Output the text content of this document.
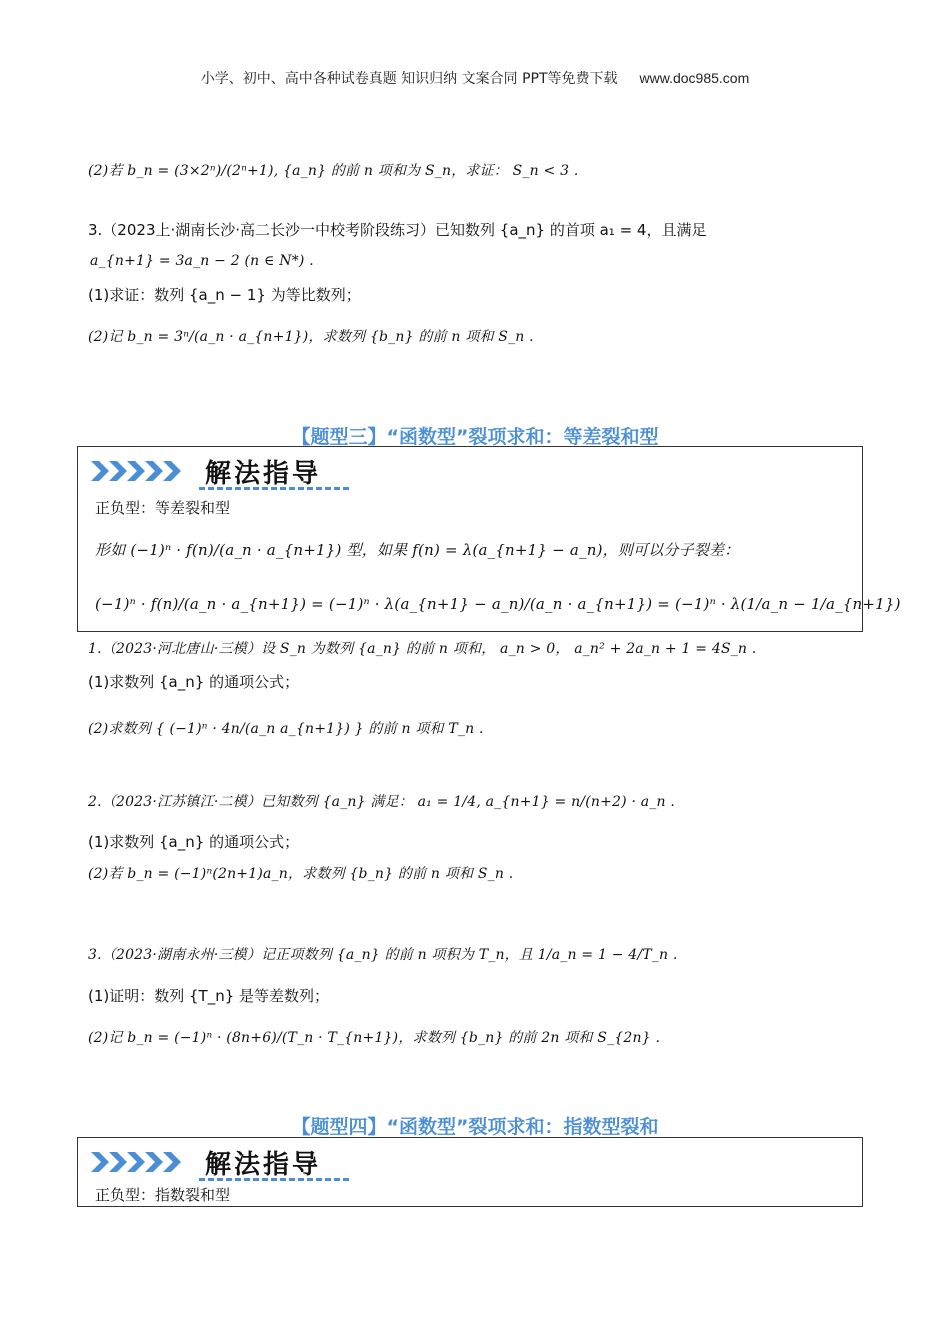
小学、初中、高中各种试卷真题 知识归纳 文案合同 PPT等免费下载 www.doc985.com
(2)若 b_n = (3×2ⁿ)/(2ⁿ+1), {a_n} 的前 n 项和为 S_n，求证： S_n < 3 .
3.（2023上·湖南长沙·高二长沙一中校考阶段练习）已知数列 {a_n} 的首项 a₁ = 4，且满足
a_{n+1} = 3a_n − 2 (n ∈ N*) .
(1)求证：数列 {a_n − 1} 为等比数列；
(2)记 b_n = 3ⁿ/(a_n · a_{n+1})，求数列 {b_n} 的前 n 项和 S_n .
【题型三】“函数型”裂项求和：等差裂和型
解法指导
正负型：等差裂和型
形如 (−1)ⁿ · f(n)/(a_n · a_{n+1}) 型，如果 f(n) = λ(a_{n+1} − a_n)，则可以分子裂差：
(−1)ⁿ · f(n)/(a_n · a_{n+1}) = (−1)ⁿ · λ(a_{n+1} − a_n)/(a_n · a_{n+1}) = (−1)ⁿ · λ(1/a_n − 1/a_{n+1})
1.（2023·河北唐山·三模）设 S_n 为数列 {a_n} 的前 n 项和， a_n > 0， a_n² + 2a_n + 1 = 4S_n .
(1)求数列 {a_n} 的通项公式；
(2)求数列 { (−1)ⁿ · 4n/(a_n a_{n+1}) } 的前 n 项和 T_n .
2.（2023·江苏镇江·二模）已知数列 {a_n} 满足： a₁ = 1/4, a_{n+1} = n/(n+2) · a_n .
(1)求数列 {a_n} 的通项公式；
(2)若 b_n = (−1)ⁿ(2n+1)a_n，求数列 {b_n} 的前 n 项和 S_n .
3.（2023·湖南永州·三模）记正项数列 {a_n} 的前 n 项积为 T_n，且 1/a_n = 1 − 4/T_n .
(1)证明：数列 {T_n} 是等差数列；
(2)记 b_n = (−1)ⁿ · (8n+6)/(T_n · T_{n+1})，求数列 {b_n} 的前 2n 项和 S_{2n} .
【题型四】“函数型”裂项求和：指数型裂和
解法指导
正负型：指数裂和型
